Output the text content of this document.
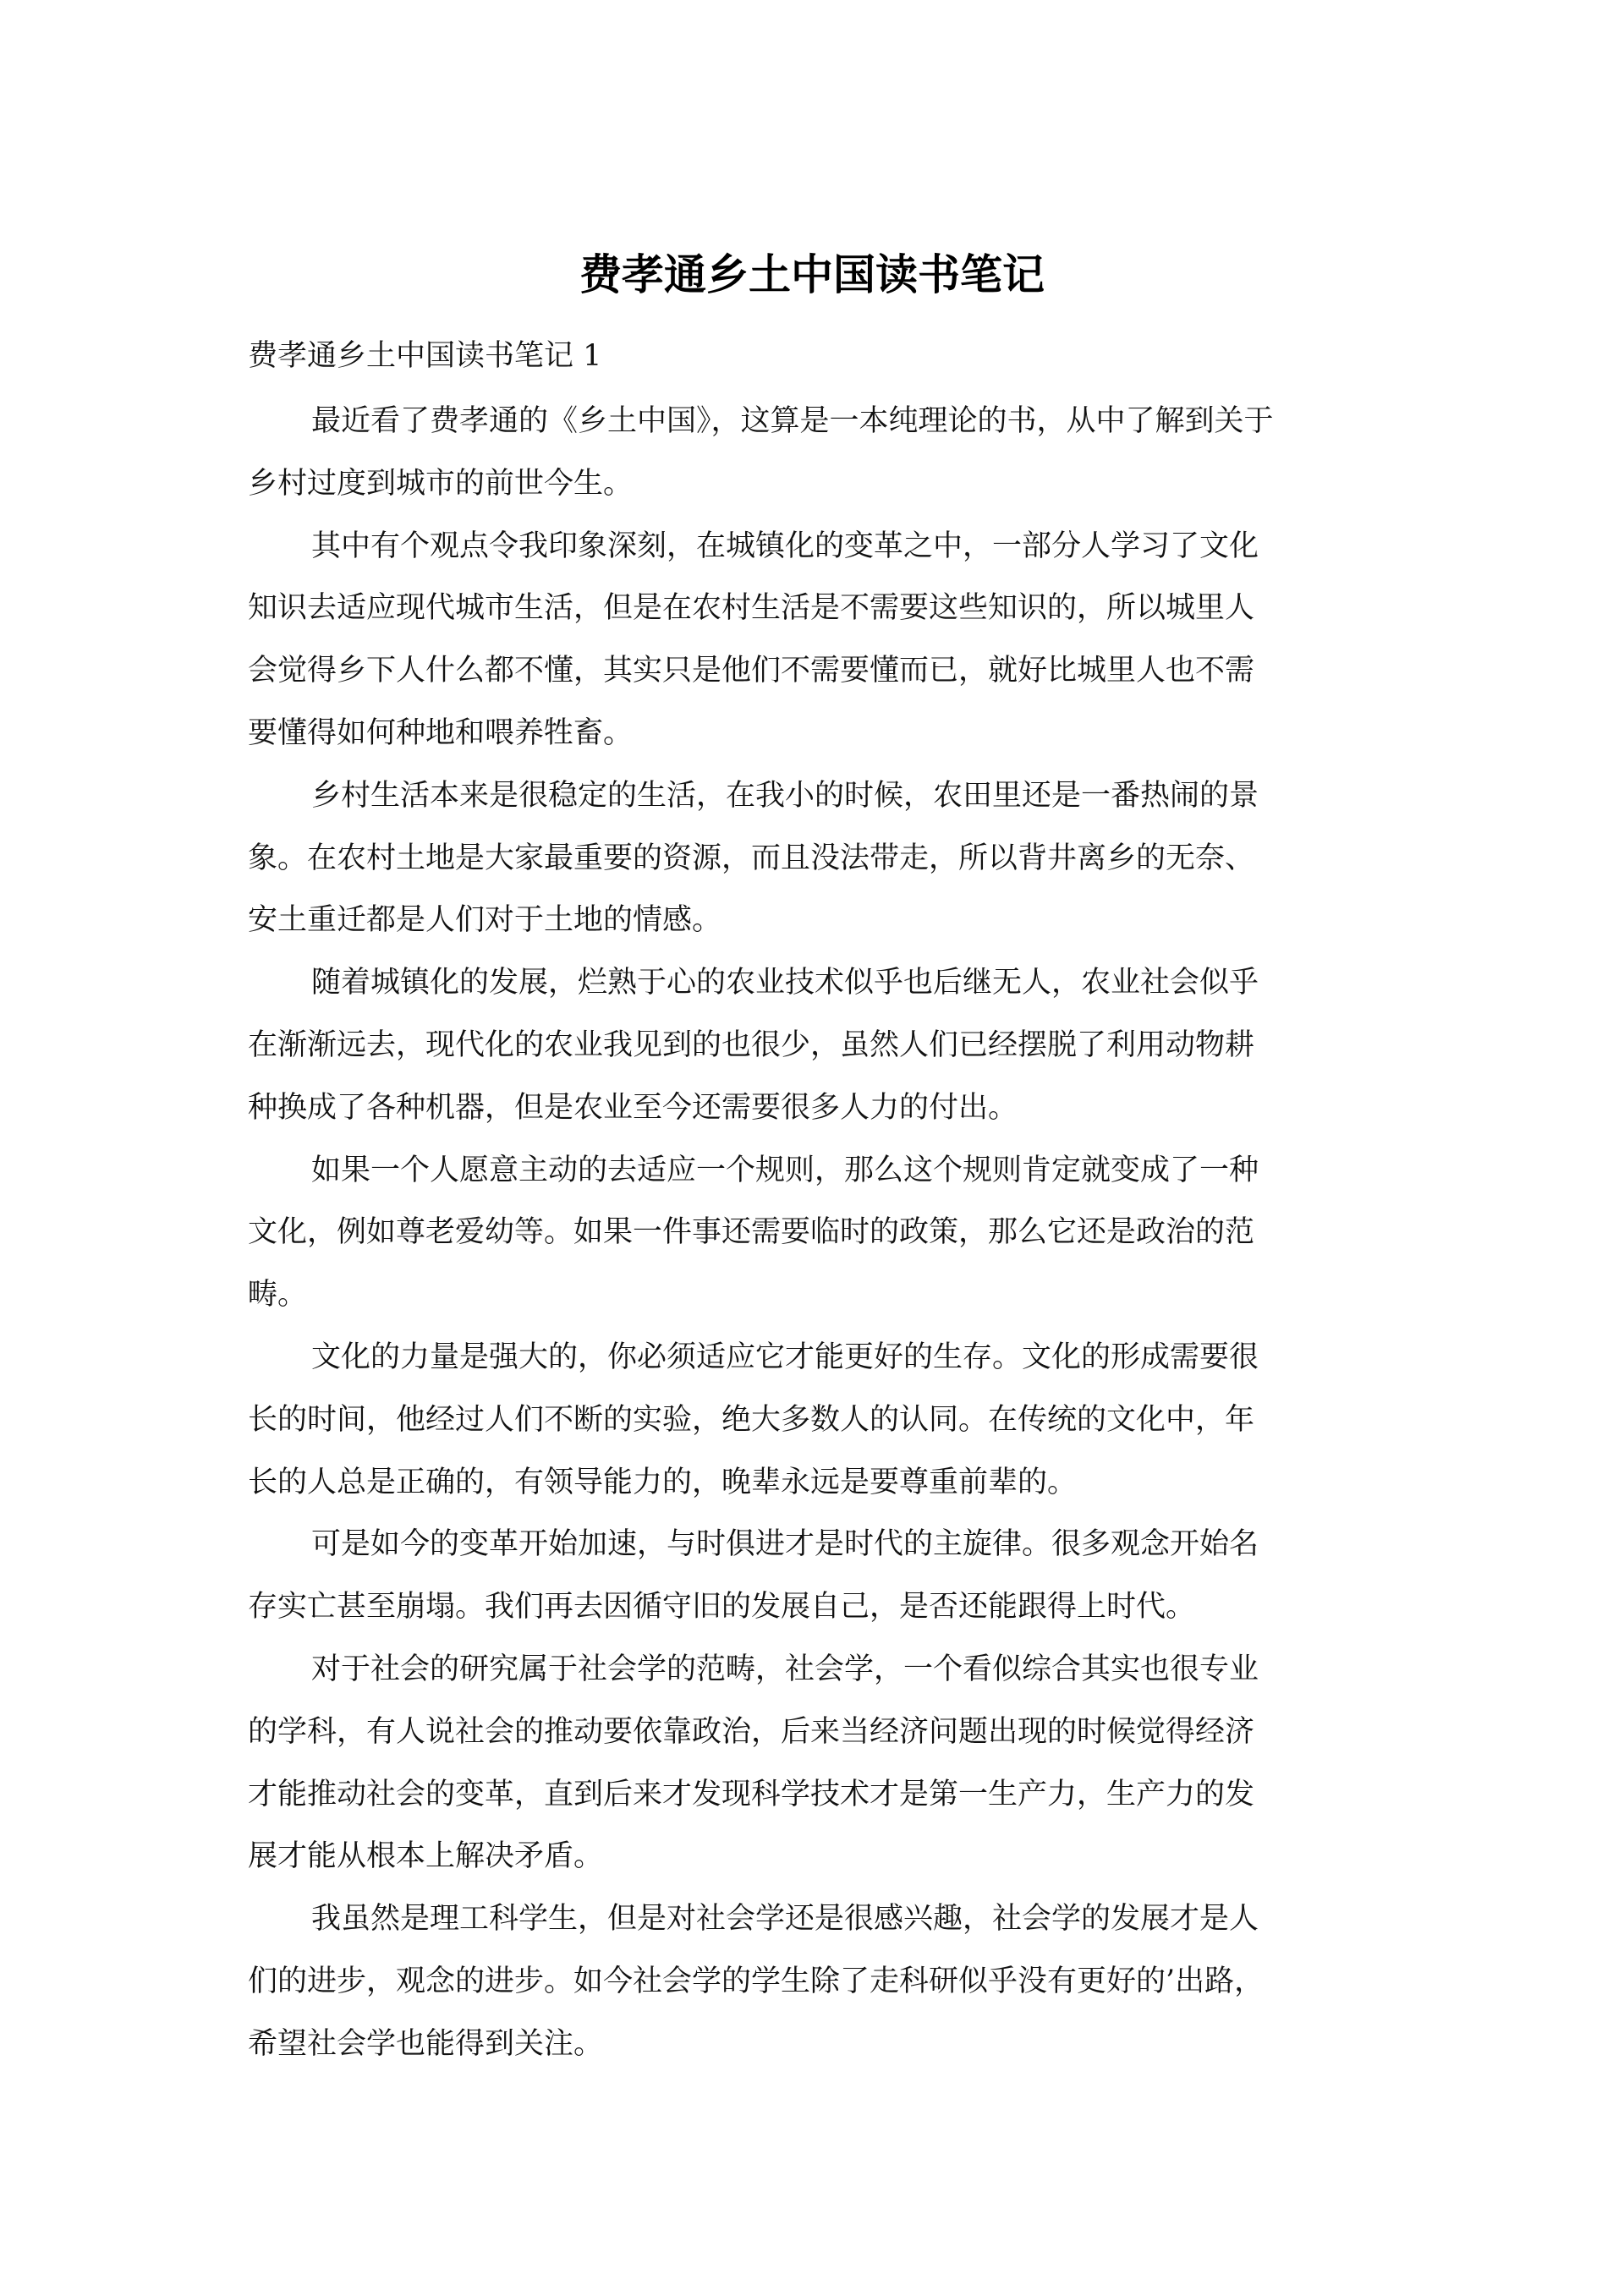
费孝通乡土中国读书笔记
费孝通乡土中国读书笔记 1
最近看了费孝通的《乡土中国》，这算是一本纯理论的书，从中了解到关于
乡村过度到城市的前世今生。
其中有个观点令我印象深刻，在城镇化的变革之中，一部分人学习了文化
知识去适应现代城市生活，但是在农村生活是不需要这些知识的，所以城里人
会觉得乡下人什么都不懂，其实只是他们不需要懂而已，就好比城里人也不需
要懂得如何种地和喂养牲畜。
乡村生活本来是很稳定的生活，在我小的时候，农田里还是一番热闹的景
象。在农村土地是大家最重要的资源，而且没法带走，所以背井离乡的无奈、
安土重迁都是人们对于土地的情感。
随着城镇化的发展，烂熟于心的农业技术似乎也后继无人，农业社会似乎
在渐渐远去，现代化的农业我见到的也很少，虽然人们已经摆脱了利用动物耕
种换成了各种机器，但是农业至今还需要很多人力的付出。
如果一个人愿意主动的去适应一个规则，那么这个规则肯定就变成了一种
文化，例如尊老爱幼等。如果一件事还需要临时的政策，那么它还是政治的范
畴。
文化的力量是强大的，你必须适应它才能更好的生存。文化的形成需要很
长的时间，他经过人们不断的实验，绝大多数人的认同。在传统的文化中，年
长的人总是正确的，有领导能力的，晚辈永远是要尊重前辈的。
可是如今的变革开始加速，与时俱进才是时代的主旋律。很多观念开始名
存实亡甚至崩塌。我们再去因循守旧的发展自己，是否还能跟得上时代。
对于社会的研究属于社会学的范畴，社会学，一个看似综合其实也很专业
的学科，有人说社会的推动要依靠政治，后来当经济问题出现的时候觉得经济
才能推动社会的变革，直到后来才发现科学技术才是第一生产力，生产力的发
展才能从根本上解决矛盾。
我虽然是理工科学生，但是对社会学还是很感兴趣，社会学的发展才是人
们的进步，观念的进步。如今社会学的学生除了走科研似乎没有更好的’出路，
希望社会学也能得到关注。
